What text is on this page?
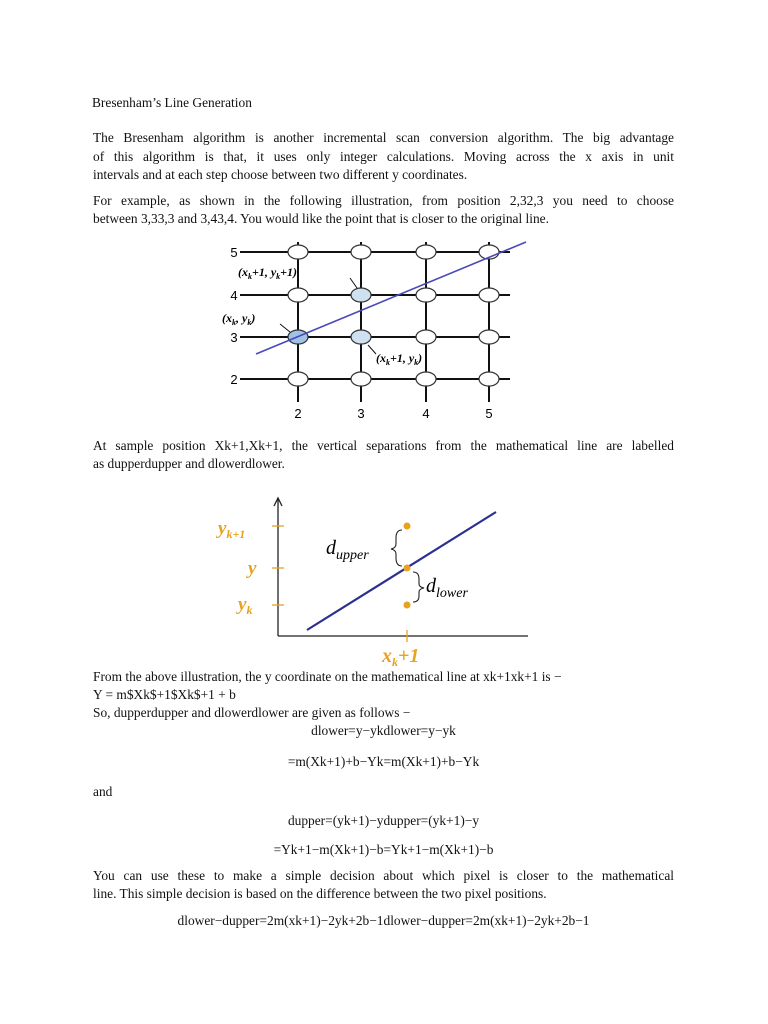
Bresenham’s Line Generation
The Bresenham algorithm is another incremental scan conversion algorithm. The big advantage
of this algorithm is that, it uses only integer calculations. Moving across the x axis in unit
intervals and at each step choose between two different y coordinates.
For example, as shown in the following illustration, from position 2,32,3 you need to choose
between 3,33,3 and 3,43,4. You would like the point that is closer to the original line.
5
4
3
2
2	3	4	5
($x_k+1$, $y_k+1$)
($x_k$, $y_k$)
($x_k+1$, $y_k$)
At sample position Xk+1,Xk+1, the vertical separations from the mathematical line are labelled
as dupperdupper and dlowerdlower.
$d_{upper}$
$d_{lower}$
$y_{k+1}$
y
$y_k$
$x_k+1$
From the above illustration, the y coordinate on the mathematical line at xk+1xk+1 is −
Y = m$Xk$+1$Xk$+1 + b
So, dupperdupper and dlowerdlower are given as follows −
dlower=y−ykdlower=y−yk
=m(Xk+1)+b−Yk=m(Xk+1)+b−Yk
and
dupper=(yk+1)−ydupper=(yk+1)−y
=Yk+1−m(Xk+1)−b=Yk+1−m(Xk+1)−b
You can use these to make a simple decision about which pixel is closer to the mathematical
line. This simple decision is based on the difference between the two pixel positions.
dlower−dupper=2m(xk+1)−2yk+2b−1dlower−dupper=2m(xk+1)−2yk+2b−1
